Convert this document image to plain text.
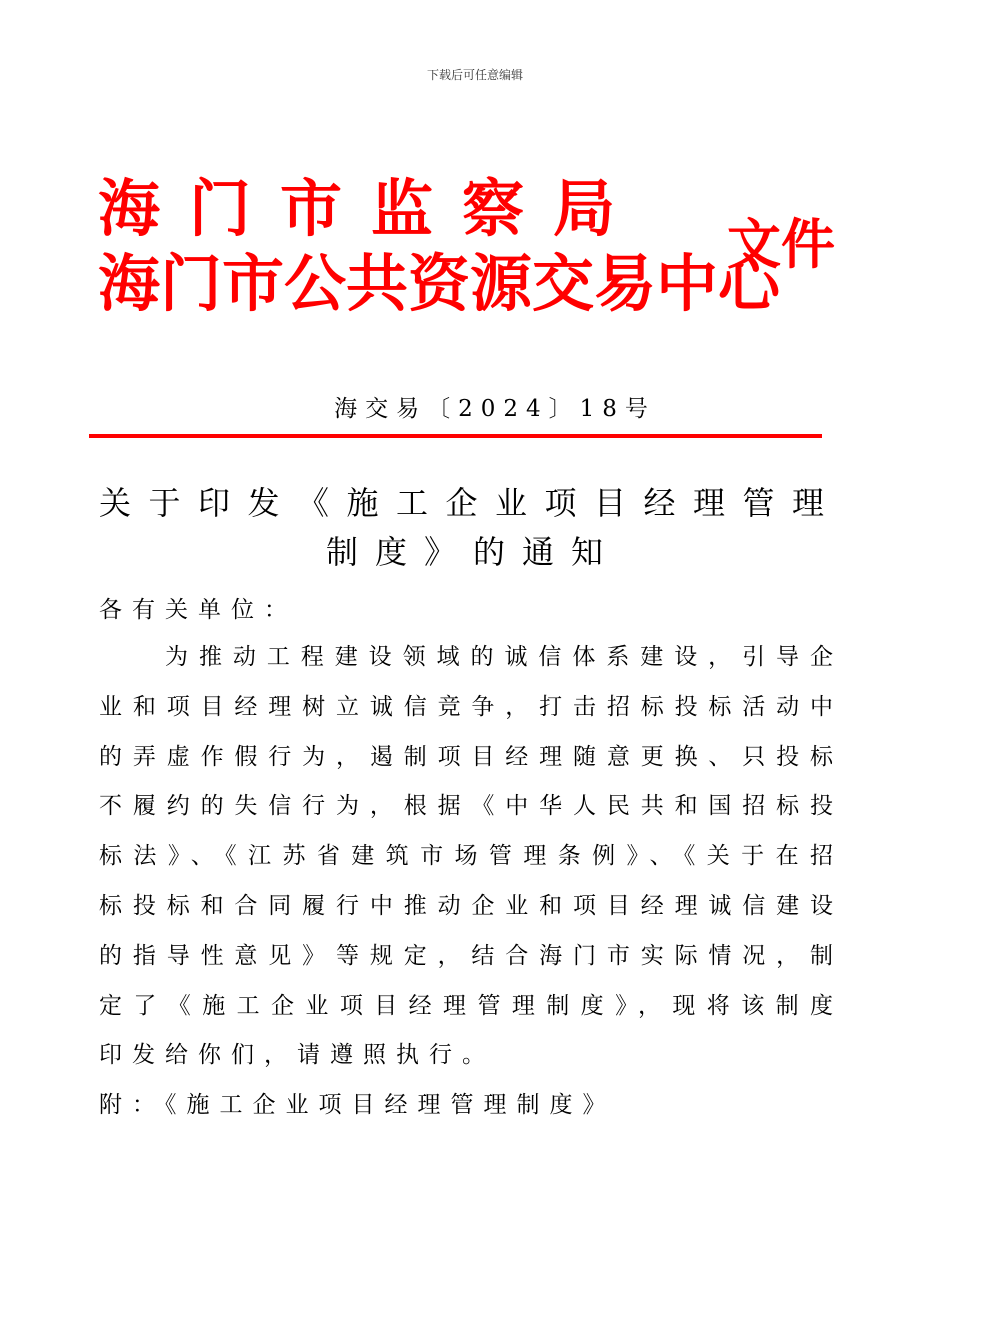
下载后可任意编辑
海门市监察局
海门市公共资源交易中心
文件
海交易〔2024〕18号
关于印发《施工企业项目经理管理
制度》的通知
各有关单位：
为推动工程建设领域的诚信体系建设，引导企业和项目经理树立诚信竞争，打击招标投标活动中的弄虚作假行为，遏制项目经理随意更换、只投标不履约的失信行为，根据《中华人民共和国招标投标法》、《江苏省建筑市场管理条例》、《关于在招标投标和合同履行中推动企业和项目经理诚信建设的指导性意见》等规定，结合海门市实际情况，制定了《施工企业项目经理管理制度》，现将该制度印发给你们，请遵照执行。
附：《施工企业项目经理管理制度》
